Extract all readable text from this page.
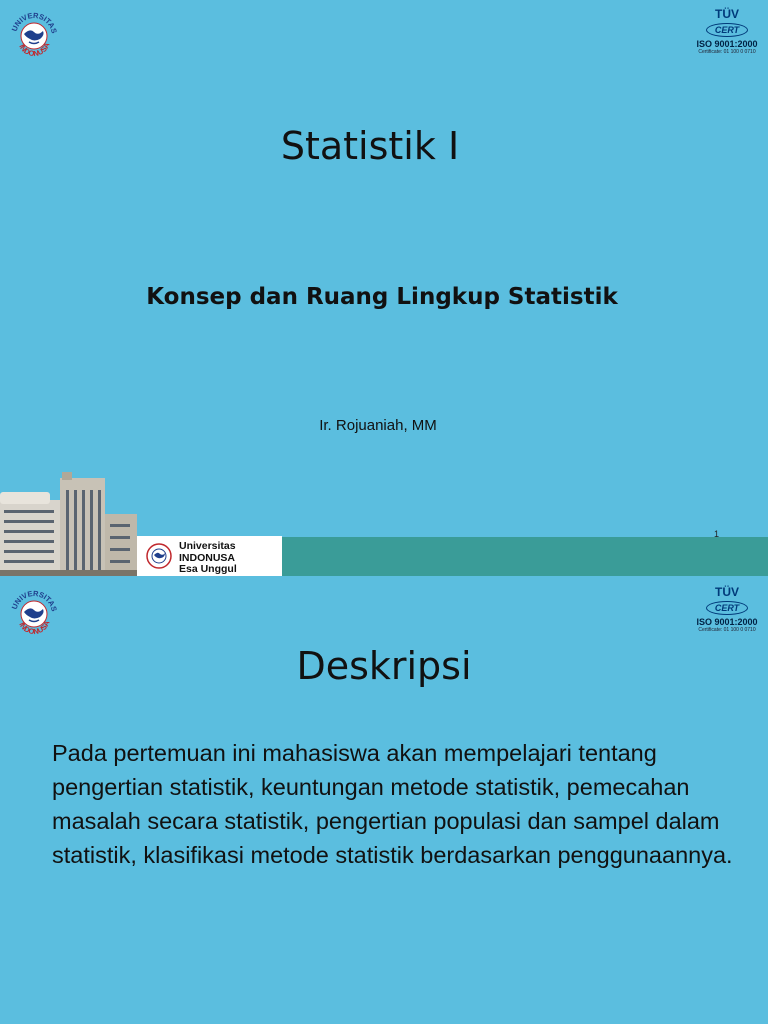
UNIVERSITAS
INDONUSA
TÜV
CERT
ISO 9001:2000
Certificate: 01 100 0 0710
Statistik I
Konsep dan Ruang Lingkup Statistik
Ir. Rojuaniah, MM
Universitas
INDONUSA
Esa Unggul
1
UNIVERSITAS
INDONUSA
TÜV
CERT
ISO 9001:2000
Certificate: 01 100 0 0710
Deskripsi
Pada pertemuan ini mahasiswa akan mempelajari tentang pengertian statistik, keuntungan metode statistik, pemecahan masalah secara statistik, pengertian populasi dan sampel dalam statistik, klasifikasi metode statistik berdasarkan penggunaannya.
